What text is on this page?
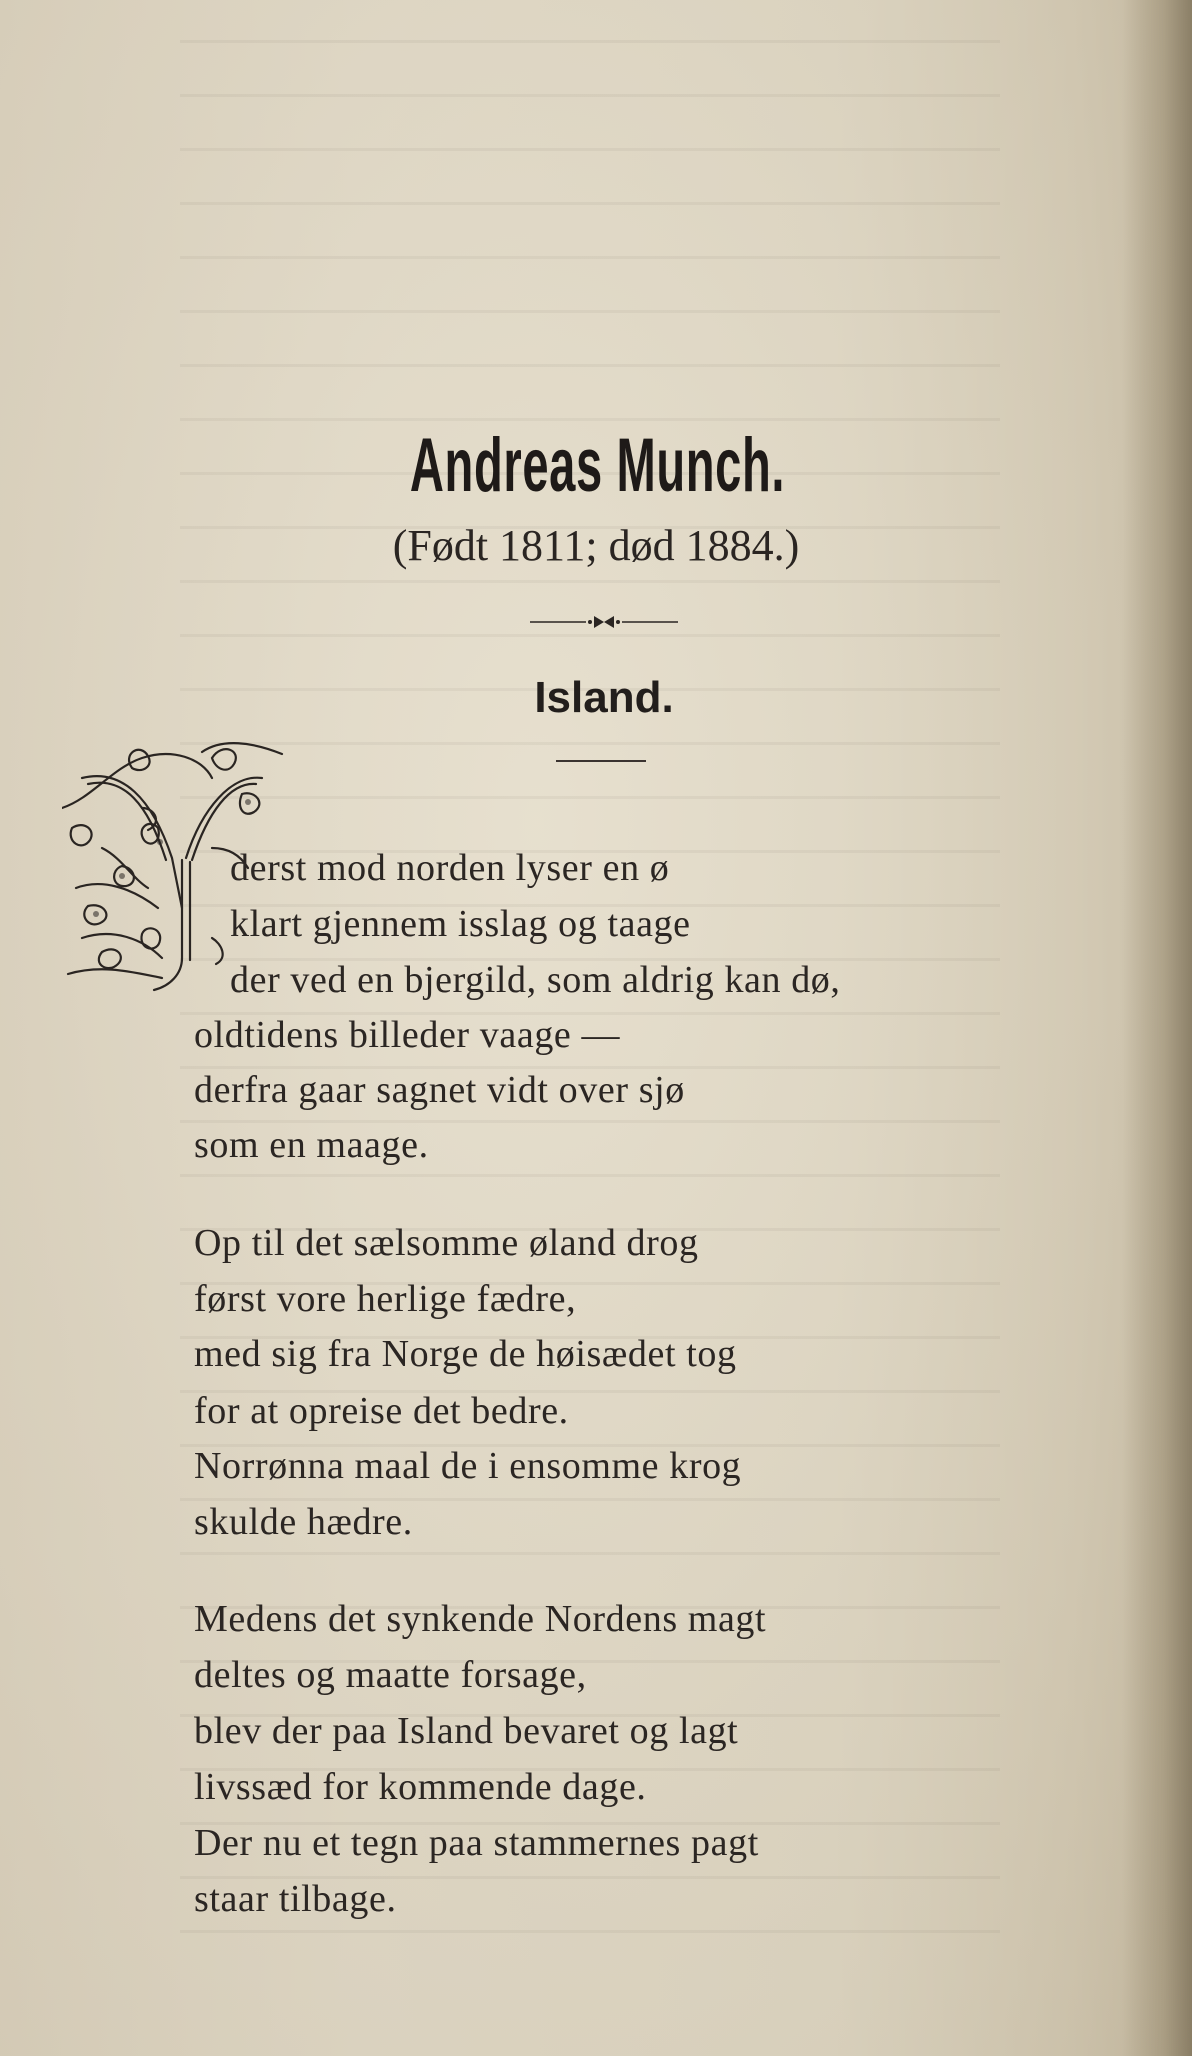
Andreas Munch.
(Født 1811; død 1884.)
Island.
derst mod norden lyser en ø
klart gjennem isslag og taage
der ved en bjergild, som aldrig kan dø,
oldtidens billeder vaage —
derfra gaar sagnet vidt over sjø
som en maage.
Op til det sælsomme øland drog
først vore herlige fædre,
med sig fra Norge de høisædet tog
for at opreise det bedre.
Norrønna maal de i ensomme krog
skulde hædre.
Medens det synkende Nordens magt
deltes og maatte forsage,
blev der paa Island bevaret og lagt
livssæd for kommende dage.
Der nu et tegn paa stammernes pagt
staar tilbage.
